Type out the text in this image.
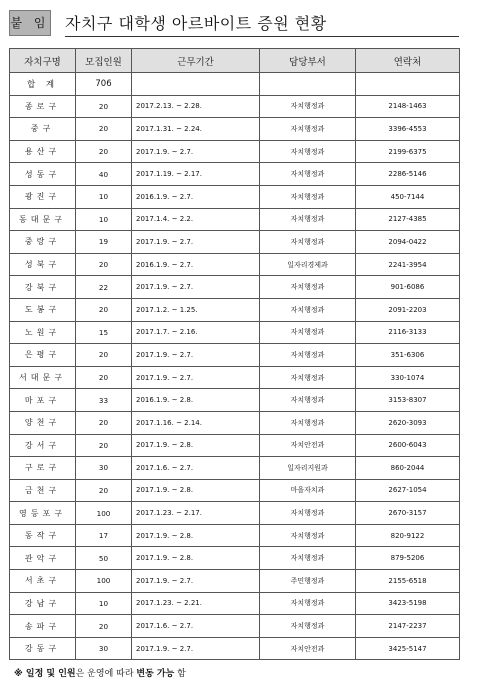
붙 임 자치구 대학생 아르바이트 증원 현황
자치구명	모집인원	근무기간	담당부서	연락처
합 계	706			
종로구	20	2017.2.13. ~ 2.28.	자치행정과	2148-1463
중구	20	2017.1.31. ~ 2.24.	자치행정과	3396-4553
용산구	20	2017.1.9. ~ 2.7.	자치행정과	2199-6375
성동구	40	2017.1.19. ~ 2.17.	자치행정과	2286-5146
광진구	10	2016.1.9. ~ 2.7.	자치행정과	450-7144
동대문구	10	2017.1.4. ~ 2.2.	자치행정과	2127-4385
중랑구	19	2017.1.9. ~ 2.7.	자치행정과	2094-0422
성북구	20	2016.1.9. ~ 2.7.	일자리경제과	2241-3954
강북구	22	2017.1.9. ~ 2.7.	자치행정과	901-6086
도봉구	20	2017.1.2. ~ 1.25.	자치행정과	2091-2203
노원구	15	2017.1.7. ~ 2.16.	자치행정과	2116-3133
은평구	20	2017.1.9. ~ 2.7.	자치행정과	351-6306
서대문구	20	2017.1.9. ~ 2.7.	자치행정과	330-1074
마포구	33	2016.1.9. ~ 2.8.	자치행정과	3153-8307
양천구	20	2017.1.16. ~ 2.14.	자치행정과	2620-3093
강서구	20	2017.1.9. ~ 2.8.	자치안전과	2600-6043
구로구	30	2017.1.6. ~ 2.7.	일자리지원과	860-2044
금천구	20	2017.1.9. ~ 2.8.	마을자치과	2627-1054
영등포구	100	2017.1.23. ~ 2.17.	자치행정과	2670-3157
동작구	17	2017.1.9. ~ 2.8.	자치행정과	820-9122
관악구	50	2017.1.9. ~ 2.8.	자치행정과	879-5206
서초구	100	2017.1.9. ~ 2.7.	주민행정과	2155-6518
강남구	10	2017.1.23. ~ 2.21.	자치행정과	3423-5198
송파구	20	2017.1.6. ~ 2.7.	자치행정과	2147-2237
강동구	30	2017.1.9. ~ 2.7.	자치안전과	3425-5147
※ 일정 및 인원은 운영에 따라 변동 가능 함
